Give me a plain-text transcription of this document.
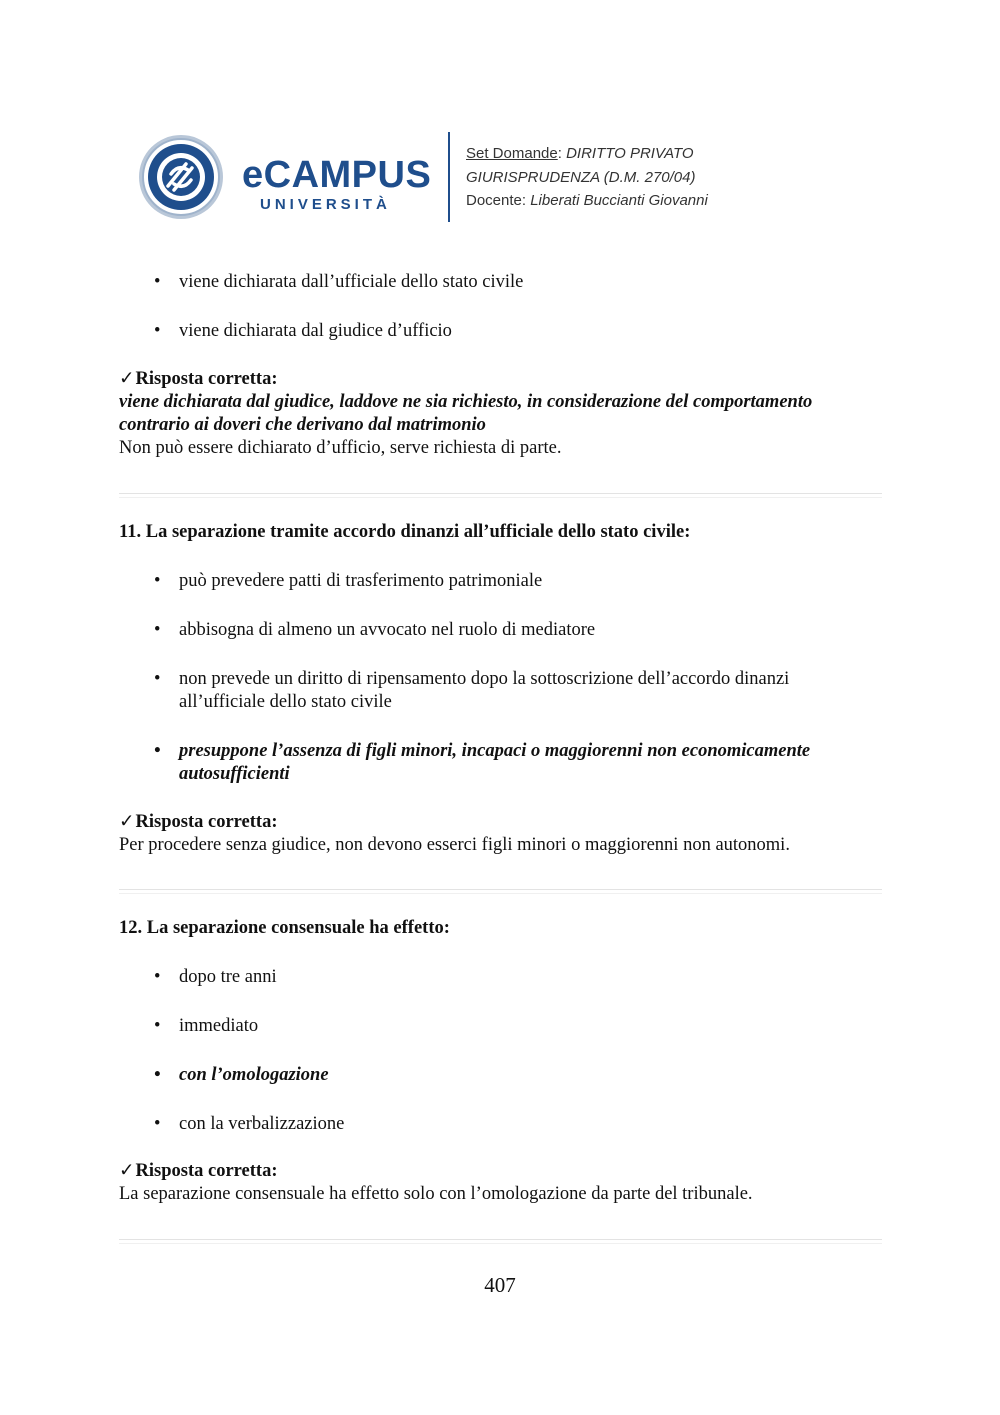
eCAMPUS
UNIVERSITÀ
Set Domande: DIRITTO PRIVATO
GIURISPRUDENZA (D.M. 270/04)
Docente: Liberati Buccianti Giovanni
• viene dichiarata dall’ufficiale dello stato civile
• viene dichiarata dal giudice d’ufficio
✓Risposta corretta:
viene dichiarata dal giudice, laddove ne sia richiesto, in considerazione del comportamento contrario ai doveri che derivano dal matrimonio
Non può essere dichiarato d’ufficio, serve richiesta di parte.
11. La separazione tramite accordo dinanzi all’ufficiale dello stato civile:
• può prevedere patti di trasferimento patrimoniale
• abbisogna di almeno un avvocato nel ruolo di mediatore
• non prevede un diritto di ripensamento dopo la sottoscrizione dell’accordo dinanzi all’ufficiale dello stato civile
• presuppone l’assenza di figli minori, incapaci o maggiorenni non economicamente autosufficienti
✓Risposta corretta:
Per procedere senza giudice, non devono esserci figli minori o maggiorenni non autonomi.
12. La separazione consensuale ha effetto:
• dopo tre anni
• immediato
• con l’omologazione
• con la verbalizzazione
✓Risposta corretta:
La separazione consensuale ha effetto solo con l’omologazione da parte del tribunale.
407
